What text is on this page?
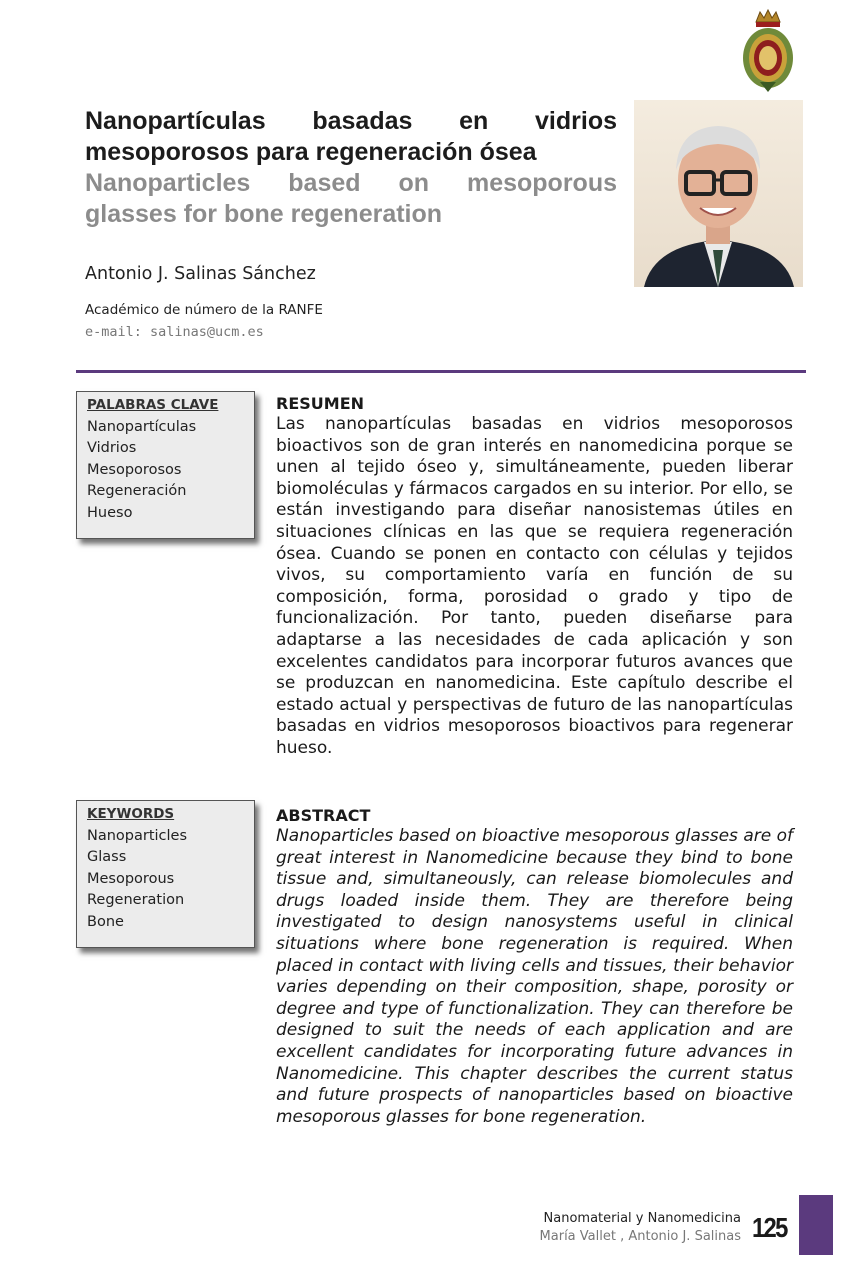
Nanopartículas basadas en vidrios mesoporosos para regeneración ósea
Nanoparticles based on mesoporous glasses for bone regeneration

Antonio J. Salinas Sánchez

Académico de número de la RANFE

e-mail: salinas@ucm.es

PALABRAS CLAVE
Nanopartículas
Vidrios
Mesoporosos
Regeneración
Hueso
RESUMEN

Las nanopartículas basadas en vidrios mesoporosos bioactivos son de gran interés en nanomedicina porque se unen al tejido óseo y, simultáneamente, pueden liberar biomoléculas y fármacos cargados en su interior. Por ello, se están investigando para diseñar nanosistemas útiles en situaciones clínicas en las que se requiera regeneración ósea. Cuando se ponen en contacto con células y tejidos vivos, su comportamiento varía en función de su composición, forma, porosidad o grado y tipo de funcionalización. Por tanto, pueden diseñarse para adaptarse a las necesidades de cada aplicación y son excelentes candidatos para incorporar futuros avances que se produzcan en nanomedicina. Este capítulo describe el estado actual y perspectivas de futuro de las nanopartículas basadas en vidrios mesoporosos bioactivos para regenerar hueso.

KEYWORDS
Nanoparticles
Glass
Mesoporous
Regeneration
Bone
ABSTRACT

Nanoparticles based on bioactive mesoporous glasses are of great interest in Nanomedicine because they bind to bone tissue and, simultaneously, can release biomolecules and drugs loaded inside them. They are therefore being investigated to design nanosystems useful in clinical situations where bone regeneration is required. When placed in contact with living cells and tissues, their behavior varies depending on their composition, shape, porosity or degree and type of functionalization. They can therefore be designed to suit the needs of each application and are excellent candidates for incorporating future advances in Nanomedicine. This chapter describes the current status and future prospects of nanoparticles based on bioactive mesoporous glasses for bone regeneration.

Nanomaterial y Nanomedicina
María Vallet , Antonio J. Salinas 125
